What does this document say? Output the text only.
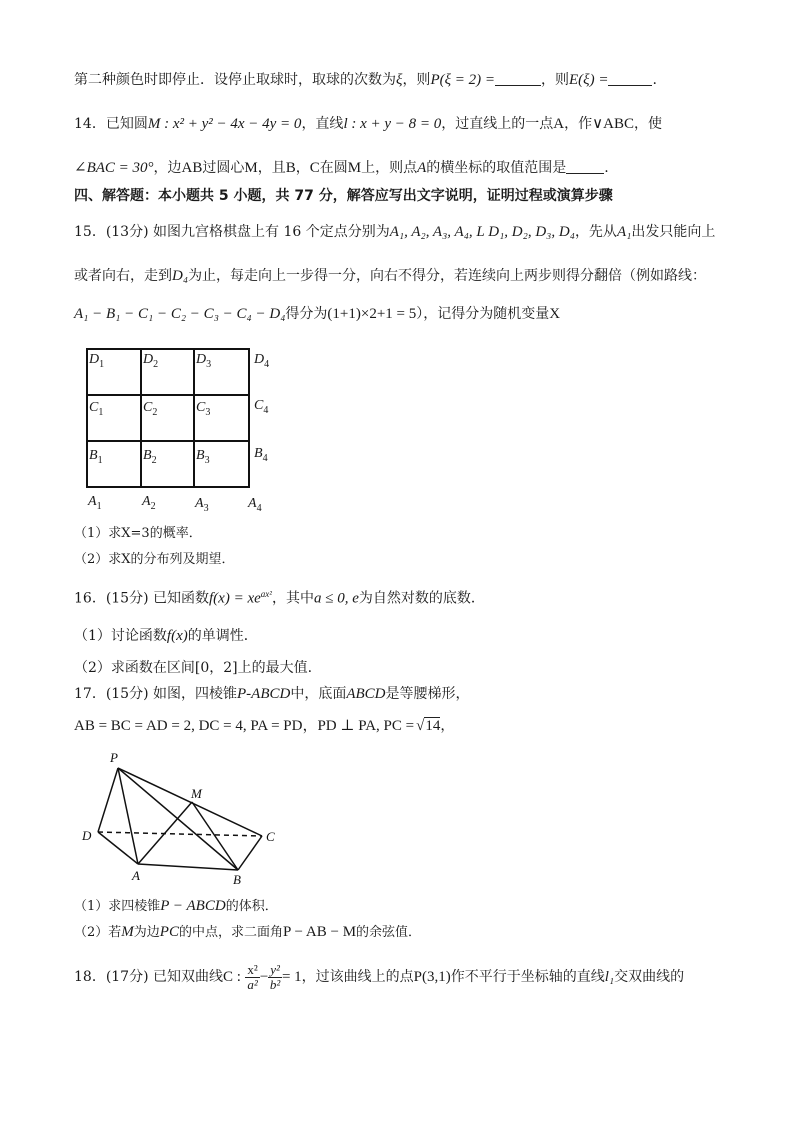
第二种颜色时即停止．设停止取球时，取球的次数为ξ，则P(ξ = 2) =	，则E(ξ) =	.
14．已知圆M : x² + y² − 4x − 4y = 0，直线l : x + y − 8 = 0，过直线上的一点A，作∨ABC，使
∠BAC = 30°，边AB过圆心M，且B，C在圆M上，则点A的横坐标的取值范围是	.
四、解答题：本小题共 5 小题，共 77 分，解答应写出文字说明，证明过程或演算步骤
15．(13分) 如图九宫格棋盘上有 16 个定点分别为A₁, A₂, A₃, A₄, L D₁, D₂, D₃, D₄，先从A₁出发只能向上
或者向右，走到D₄为止，每走向上一步得一分，向右不得分，若连续向上两步则得分翻倍（例如路线：
A₁ − B₁ − C₁ − C₂ − C₃ − C₄ − D₄得分为(1+1)×2+1 = 5），记得分为随机变量X
$D_1$	$D_2$	$D_3$	$D_4$
$C_1$	$C_2$	$C_3$	$C_4$
$B_1$	$B_2$	$B_3$	$B_4$
$A_1$	$A_2$	$A_3$	$A_4$
（1）求X=3的概率．
（2）求X的分布列及期望．
16．(15分) 已知函数$f(x) = xe^{ax^2}$，其中a ≤ 0, e为自然对数的底数．
（1）讨论函数f(x)的单调性．
（2）求函数在区间[0，2]上的最大值.
17．(15分) 如图，四棱锥P-ABCD中，底面ABCD是等腰梯形，
AB = BC = AD = 2, DC = 4, PA = PD，PD ⊥ PA, PC = √14，
P
M
D	C
A	B
（1）求四棱锥P − ABCD的体积．
（2）若M为边PC的中点，求二面角P − AB − M的余弦值．
18．(17分) 已知双曲线C : $\frac{\text{x²}}{\text{a²}} - \frac{\text{y²}}{\text{b²}} = 1$，过该曲线上的点P(3,1)作不平行于坐标轴的直线l₁交双曲线的
